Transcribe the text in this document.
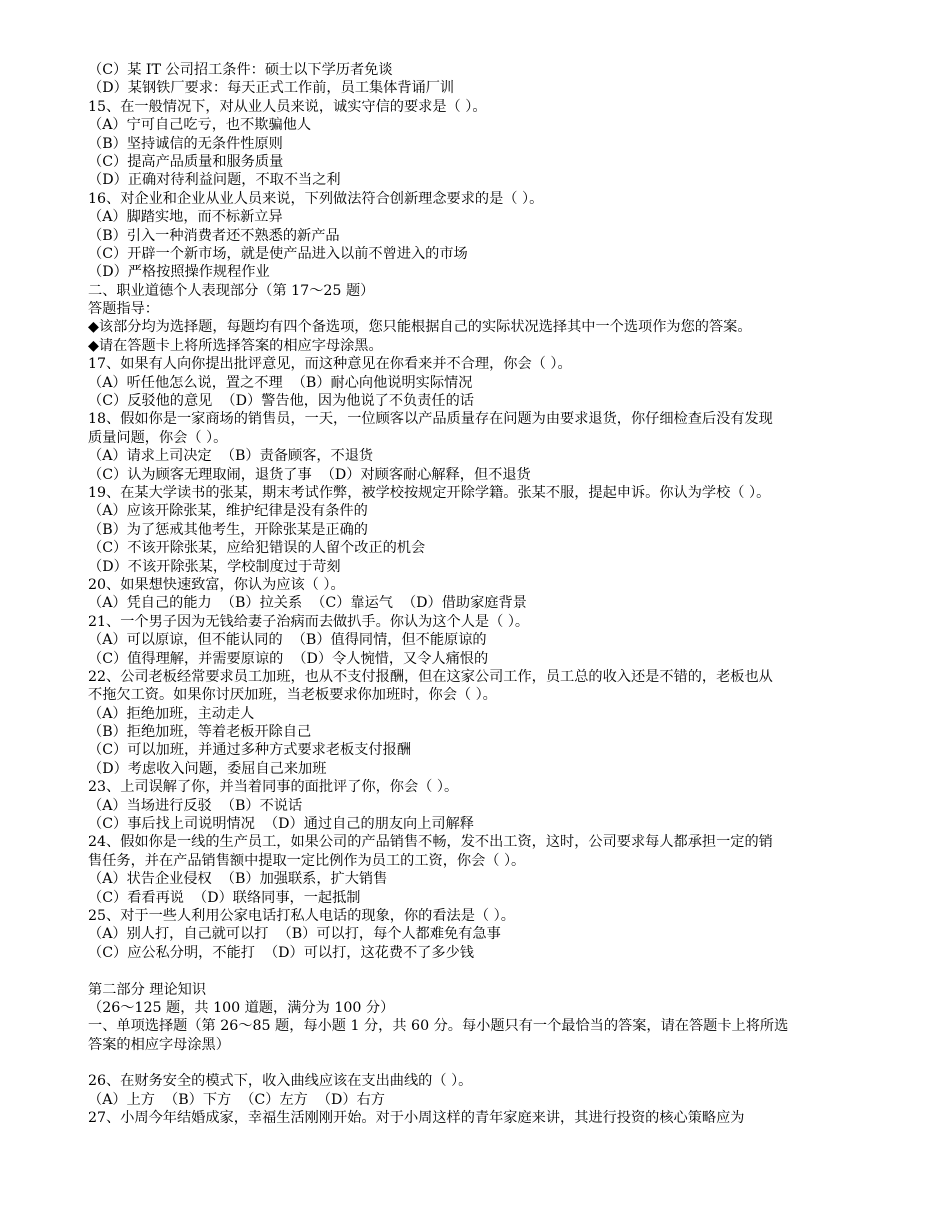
（C）某 IT 公司招工条件：硕士以下学历者免谈
（D）某钢铁厂要求：每天正式工作前，员工集体背诵厂训
15、在一般情况下，对从业人员来说，诚实守信的要求是（ ）。
（A）宁可自己吃亏，也不欺骗他人
（B）坚持诚信的无条件性原则
（C）提高产品质量和服务质量
（D）正确对待利益问题，不取不当之利
16、对企业和企业从业人员来说，下列做法符合创新理念要求的是（ ）。
（A）脚踏实地，而不标新立异
（B）引入一种消费者还不熟悉的新产品
（C）开辟一个新市场，就是使产品进入以前不曾进入的市场
（D）严格按照操作规程作业
二、职业道德个人表现部分（第 17～25 题）
答题指导：
◆该部分均为选择题，每题均有四个备选项，您只能根据自己的实际状况选择其中一个选项作为您的答案。
◆请在答题卡上将所选择答案的相应字母涂黑。
17、如果有人向你提出批评意见，而这种意见在你看来并不合理，你会（ ）。
（A）听任他怎么说，置之不理  （B）耐心向他说明实际情况
（C）反驳他的意见  （D）警告他，因为他说了不负责任的话
18、假如你是一家商场的销售员，一天，一位顾客以产品质量存在问题为由要求退货，你仔细检查后没有发现
质量问题，你会（ ）。
（A）请求上司决定  （B）责备顾客，不退货
（C）认为顾客无理取闹，退货了事  （D）对顾客耐心解释，但不退货
19、在某大学读书的张某，期末考试作弊，被学校按规定开除学籍。张某不服，提起申诉。你认为学校（ ）。
（A）应该开除张某，维护纪律是没有条件的
（B）为了惩戒其他考生，开除张某是正确的
（C）不该开除张某，应给犯错误的人留个改正的机会
（D）不该开除张某，学校制度过于苛刻
20、如果想快速致富，你认为应该（ ）。
（A）凭自己的能力  （B）拉关系  （C）靠运气  （D）借助家庭背景
21、一个男子因为无钱给妻子治病而去做扒手。你认为这个人是（ ）。
（A）可以原谅，但不能认同的  （B）值得同情，但不能原谅的
（C）值得理解，并需要原谅的  （D）令人惋惜，又令人痛恨的
22、公司老板经常要求员工加班，也从不支付报酬，但在这家公司工作，员工总的收入还是不错的，老板也从
不拖欠工资。如果你讨厌加班，当老板要求你加班时，你会（ ）。
（A）拒绝加班，主动走人
（B）拒绝加班，等着老板开除自己
（C）可以加班，并通过多种方式要求老板支付报酬
（D）考虑收入问题，委屈自己来加班
23、上司误解了你，并当着同事的面批评了你，你会（ ）。
（A）当场进行反驳  （B）不说话
（C）事后找上司说明情况  （D）通过自己的朋友向上司解释
24、假如你是一线的生产员工，如果公司的产品销售不畅，发不出工资，这时，公司要求每人都承担一定的销
售任务，并在产品销售额中提取一定比例作为员工的工资，你会（ ）。
（A）状告企业侵权  （B）加强联系，扩大销售
（C）看看再说  （D）联络同事，一起抵制
25、对于一些人利用公家电话打私人电话的现象，你的看法是（ ）。
（A）别人打，自己就可以打  （B）可以打，每个人都难免有急事
（C）应公私分明，不能打  （D）可以打，这花费不了多少钱
第二部分 理论知识
（26～125 题，共 100 道题，满分为 100 分）
一、单项选择题（第 26～85 题，每小题 1 分，共 60 分。每小题只有一个最恰当的答案，请在答题卡上将所选
答案的相应字母涂黑）
26、在财务安全的模式下，收入曲线应该在支出曲线的（ ）。
（A）上方  （B）下方  （C）左方  （D）右方
27、小周今年结婚成家，幸福生活刚刚开始。对于小周这样的青年家庭来讲，其进行投资的核心策略应为
